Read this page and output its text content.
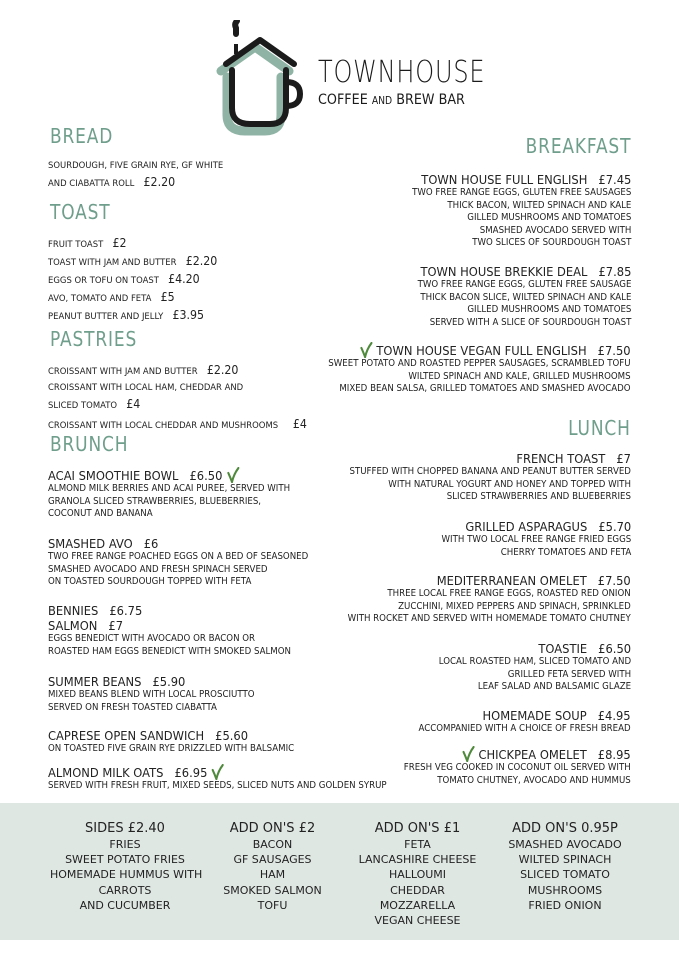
TOWNHOUSE
COFFEE AND BREW BAR
BREAD
SOURDOUGH, FIVE GRAIN RYE, GF WHITE
AND CIABATTA ROLL £2.20
TOAST
FRUIT TOAST £2
TOAST WITH JAM AND BUTTER £2.20
EGGS OR TOFU ON TOAST £4.20
AVO, TOMATO AND FETA £5
PEANUT BUTTER AND JELLY £3.95
PASTRIES
CROISSANT WITH JAM AND BUTTER £2.20
CROISSANT WITH LOCAL HAM, CHEDDAR AND
SLICED TOMATO £4
CROISSANT WITH LOCAL CHEDDAR AND MUSHROOMS £4
BRUNCH
ACAI SMOOTHIE BOWL £6.50
ALMOND MILK BERRIES AND ACAI PUREE, SERVED WITH
GRANOLA SLICED STRAWBERRIES, BLUEBERRIES,
COCONUT AND BANANA
SMASHED AVO £6
TWO FREE RANGE POACHED EGGS ON A BED OF SEASONED
SMASHED AVOCADO AND FRESH SPINACH SERVED
ON TOASTED SOURDOUGH TOPPED WITH FETA
BENNIES £6.75
SALMON £7
EGGS BENEDICT WITH AVOCADO OR BACON OR
ROASTED HAM EGGS BENEDICT WITH SMOKED SALMON
SUMMER BEANS £5.90
MIXED BEANS BLEND WITH LOCAL PROSCIUTTO
SERVED ON FRESH TOASTED CIABATTA
CAPRESE OPEN SANDWICH £5.60
ON TOASTED FIVE GRAIN RYE DRIZZLED WITH BALSAMIC
ALMOND MILK OATS £6.95
SERVED WITH FRESH FRUIT, MIXED SEEDS, SLICED NUTS AND GOLDEN SYRUP
BREAKFAST
TOWN HOUSE FULL ENGLISH £7.45
TWO FREE RANGE EGGS, GLUTEN FREE SAUSAGES
THICK BACON, WILTED SPINACH AND KALE
GILLED MUSHROOMS AND TOMATOES
SMASHED AVOCADO SERVED WITH
TWO SLICES OF SOURDOUGH TOAST
TOWN HOUSE BREKKIE DEAL £7.85
TWO FREE RANGE EGGS, GLUTEN FREE SAUSAGE
THICK BACON SLICE, WILTED SPINACH AND KALE
GILLED MUSHROOMS AND TOMATOES
SERVED WITH A SLICE OF SOURDOUGH TOAST
TOWN HOUSE VEGAN FULL ENGLISH £7.50
SWEET POTATO AND ROASTED PEPPER SAUSAGES, SCRAMBLED TOFU
WILTED SPINACH AND KALE, GRILLED MUSHROOMS
MIXED BEAN SALSA, GRILLED TOMATOES AND SMASHED AVOCADO
LUNCH
FRENCH TOAST £7
STUFFED WITH CHOPPED BANANA AND PEANUT BUTTER SERVED
WITH NATURAL YOGURT AND HONEY AND TOPPED WITH
SLICED STRAWBERRIES AND BLUEBERRIES
GRILLED ASPARAGUS £5.70
WITH TWO LOCAL FREE RANGE FRIED EGGS
CHERRY TOMATOES AND FETA
MEDITERRANEAN OMELET £7.50
THREE LOCAL FREE RANGE EGGS, ROASTED RED ONION
ZUCCHINI, MIXED PEPPERS AND SPINACH, SPRINKLED
WITH ROCKET AND SERVED WITH HOMEMADE TOMATO CHUTNEY
TOASTIE £6.50
LOCAL ROASTED HAM, SLICED TOMATO AND
GRILLED FETA SERVED WITH
LEAF SALAD AND BALSAMIC GLAZE
HOMEMADE SOUP £4.95
ACCOMPANIED WITH A CHOICE OF FRESH BREAD
CHICKPEA OMELET £8.95
FRESH VEG COOKED IN COCONUT OIL SERVED WITH
TOMATO CHUTNEY, AVOCADO AND HUMMUS
SIDES £2.40
FRIES
SWEET POTATO FRIES
HOMEMADE HUMMUS WITH
CARROTS
AND CUCUMBER
ADD ON'S £2
BACON
GF SAUSAGES
HAM
SMOKED SALMON
TOFU
ADD ON'S £1
FETA
LANCASHIRE CHEESE
HALLOUMI
CHEDDAR
MOZZARELLA
VEGAN CHEESE
ADD ON'S 0.95P
SMASHED AVOCADO
WILTED SPINACH
SLICED TOMATO
MUSHROOMS
FRIED ONION
